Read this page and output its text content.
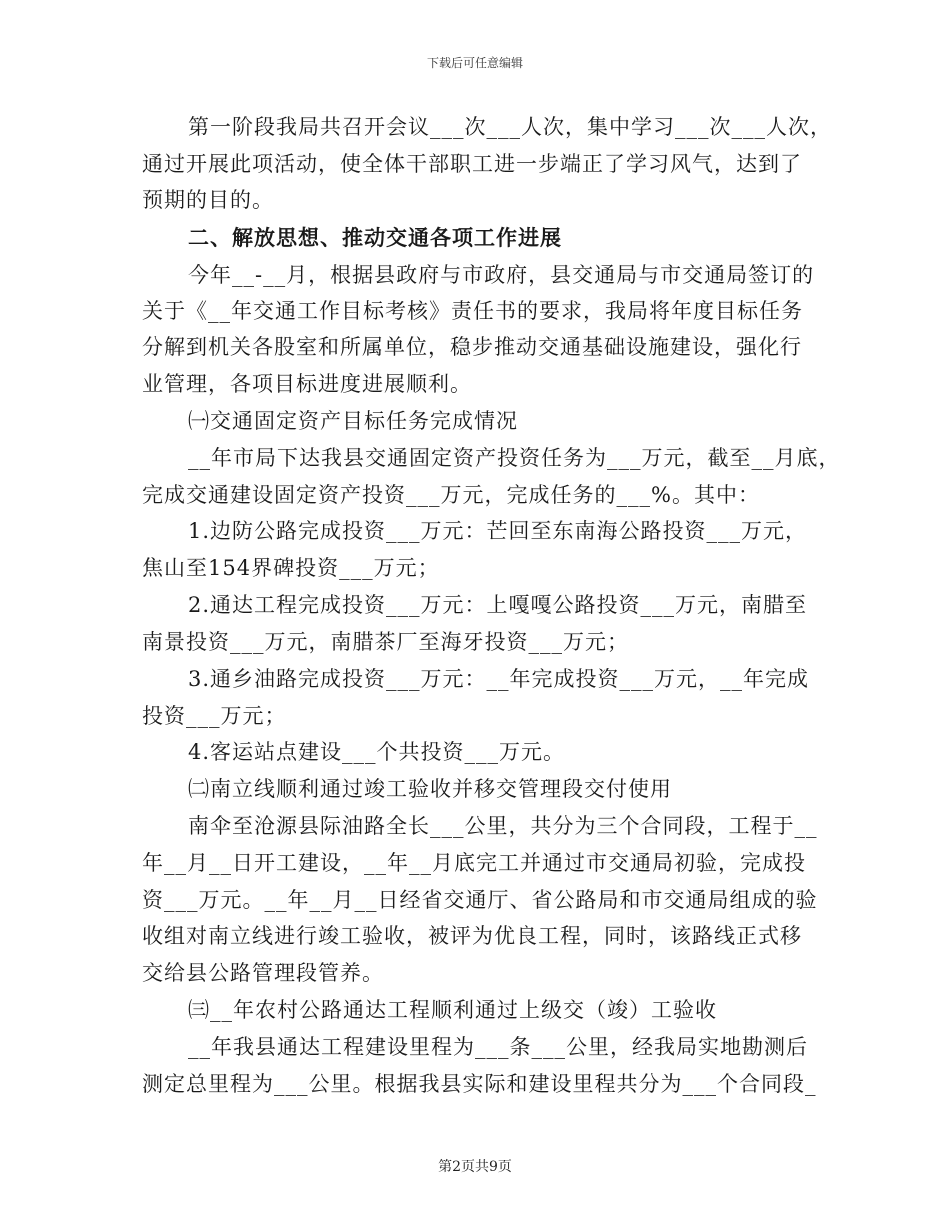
下载后可任意编辑
第一阶段我局共召开会议___次___人次，集中学习___次___人次，
通过开展此项活动，使全体干部职工进一步端正了学习风气，达到了
预期的目的。
二、解放思想、推动交通各项工作进展
今年__-__月，根据县政府与市政府，县交通局与市交通局签订的
关于《__年交通工作目标考核》责任书的要求，我局将年度目标任务
分解到机关各股室和所属单位，稳步推动交通基础设施建设，强化行
业管理，各项目标进度进展顺利。
㈠交通固定资产目标任务完成情况
__年市局下达我县交通固定资产投资任务为___万元，截至__月底，
完成交通建设固定资产投资___万元，完成任务的___%。其中：
1.边防公路完成投资___万元：芒回至东南海公路投资___万元，
焦山至154界碑投资___万元；
2.通达工程完成投资___万元：上嘎嘎公路投资___万元，南腊至
南景投资___万元，南腊茶厂至海牙投资___万元；
3.通乡油路完成投资___万元：__年完成投资___万元，__年完成
投资___万元；
4.客运站点建设___个共投资___万元。
㈡南立线顺利通过竣工验收并移交管理段交付使用
南伞至沧源县际油路全长___公里，共分为三个合同段，工程于__
年__月__日开工建设，__年__月底完工并通过市交通局初验，完成投
资___万元。__年__月__日经省交通厅、省公路局和市交通局组成的验
收组对南立线进行竣工验收，被评为优良工程，同时，该路线正式移
交给县公路管理段管养。
㈢__年农村公路通达工程顺利通过上级交（竣）工验收
__年我县通达工程建设里程为___条___公里，经我局实地勘测后
测定总里程为___公里。根据我县实际和建设里程共分为___个合同段_
第2页共9页
